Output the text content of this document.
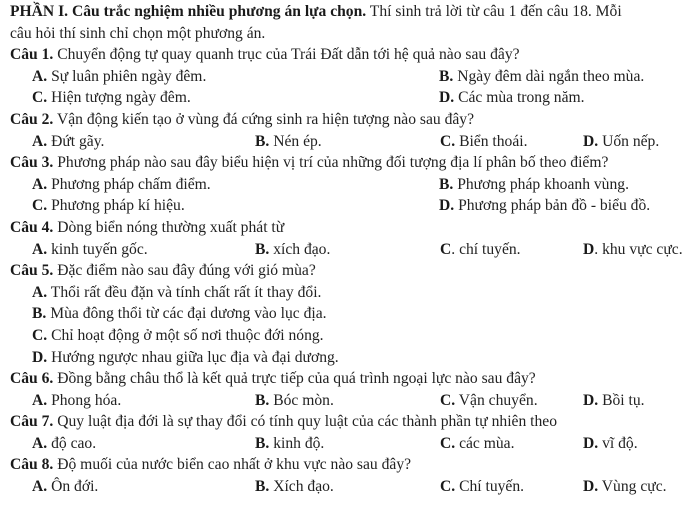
PHẦN I. Câu trắc nghiệm nhiều phương án lựa chọn. Thí sinh trả lời từ câu 1 đến câu 18. Mỗi
câu hỏi thí sinh chỉ chọn một phương án.
Câu 1. Chuyển động tự quay quanh trục của Trái Đất dẫn tới hệ quả nào sau đây?
A. Sự luân phiên ngày đêm.	B. Ngày đêm dài ngắn theo mùa.
C. Hiện tượng ngày đêm.	D. Các mùa trong năm.
Câu 2. Vận động kiến tạo ở vùng đá cứng sinh ra hiện tượng nào sau đây?
A. Đứt gãy.	B. Nén ép.	C. Biển thoái.	D. Uốn nếp.
Câu 3. Phương pháp nào sau đây biểu hiện vị trí của những đối tượng địa lí phân bố theo điểm?
A. Phương pháp chấm điểm.	B. Phương pháp khoanh vùng.
C. Phương pháp kí hiệu.	D. Phương pháp bản đồ - biểu đồ.
Câu 4. Dòng biển nóng thường xuất phát từ
A. kinh tuyến gốc.	B. xích đạo.	C. chí tuyến.	D. khu vực cực.
Câu 5. Đặc điểm nào sau đây đúng với gió mùa?
A. Thổi rất đều đặn và tính chất rất ít thay đổi.
B. Mùa đông thổi từ các đại dương vào lục địa.
C. Chỉ hoạt động ở một số nơi thuộc đới nóng.
D. Hướng ngược nhau giữa lục địa và đại dương.
Câu 6. Đồng bằng châu thổ là kết quả trực tiếp của quá trình ngoại lực nào sau đây?
A. Phong hóa.	B. Bóc mòn.	C. Vận chuyển.	D. Bồi tụ.
Câu 7. Quy luật địa đới là sự thay đổi có tính quy luật của các thành phần tự nhiên theo
A. độ cao.	B. kinh độ.	C. các mùa.	D. vĩ độ.
Câu 8. Độ muối của nước biển cao nhất ở khu vực nào sau đây?
A. Ôn đới.	B. Xích đạo.	C. Chí tuyến.	D. Vùng cực.
